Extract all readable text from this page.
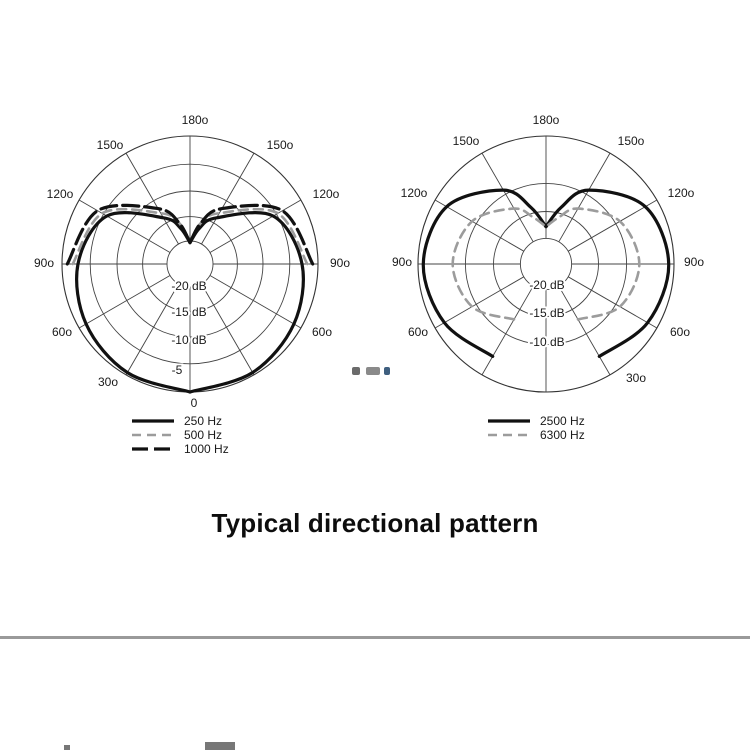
0
30o
60o
90o
120o
150o
180o
150o
120o
90o
60o
-5
-10 dB
-15 dB
-20 dB
250 Hz
500 Hz
1000 Hz
180o
150o
120o
90o
60o
150o
120o
90o
60o
30o
-10 dB
-15 dB
-20 dB
2500 Hz
6300 Hz
Typical directional pattern
